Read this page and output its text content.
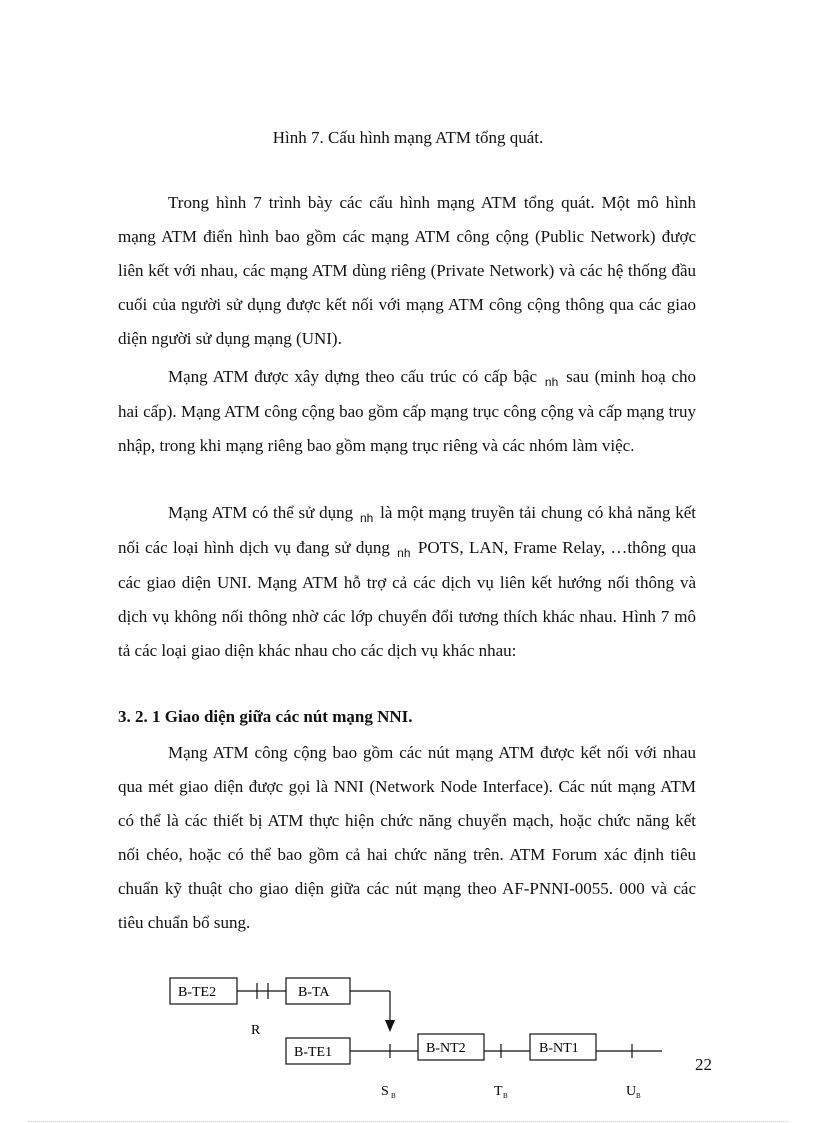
Hình 7. Cấu hình mạng ATM tổng quát.

Trong hình 7 trình bày các cấu hình mạng ATM tổng quát. Một mô hình mạng ATM điển hình bao gồm các mạng ATM công cộng (Public Network) được liên kết với nhau, các mạng ATM dùng riêng (Private Network) và các hệ thống đầu cuối của người sử dụng được kết nối với mạng ATM công cộng thông qua các giao diện người sử dụng mạng (UNI).

Mạng ATM được xây dựng theo cấu trúc có cấp bậc $_{nh}$ sau (minh hoạ cho hai cấp). Mạng ATM công cộng bao gồm cấp mạng trục công cộng và cấp mạng truy nhập, trong khi mạng riêng bao gồm mạng trục riêng và các nhóm làm việc.

Mạng ATM có thể sử dụng $_{nh}$ là một mạng truyền tải chung có khả năng kết nối các loại hình dịch vụ đang sử dụng $_{nh}$ POTS, LAN, Frame Relay, …thông qua các giao diện UNI. Mạng ATM hỗ trợ cả các dịch vụ liên kết hướng nối thông và dịch vụ không nối thông nhờ các lớp chuyển đổi tương thích khác nhau. Hình 7 mô tả các loại giao diện khác nhau cho các dịch vụ khác nhau:

3. 2. 1 Giao diện giữa các nút mạng NNI.

Mạng ATM công cộng bao gồm các nút mạng ATM được kết nối với nhau qua mét giao diện được gọi là NNI (Network Node Interface). Các nút mạng ATM có thể là các thiết bị ATM thực hiện chức năng chuyển mạch, hoặc chức năng kết nối chéo, hoặc có thể bao gồm cả hai chức năng trên. ATM Forum xác định tiêu chuẩn kỹ thuật cho giao diện giữa các nút mạng theo AF-PNNI-0055. 000 và các tiêu chuẩn bổ sung.

B-TE2	B-TA
B-TE1	B-NT2	B-NT1
R
S B	T B	U B
22
